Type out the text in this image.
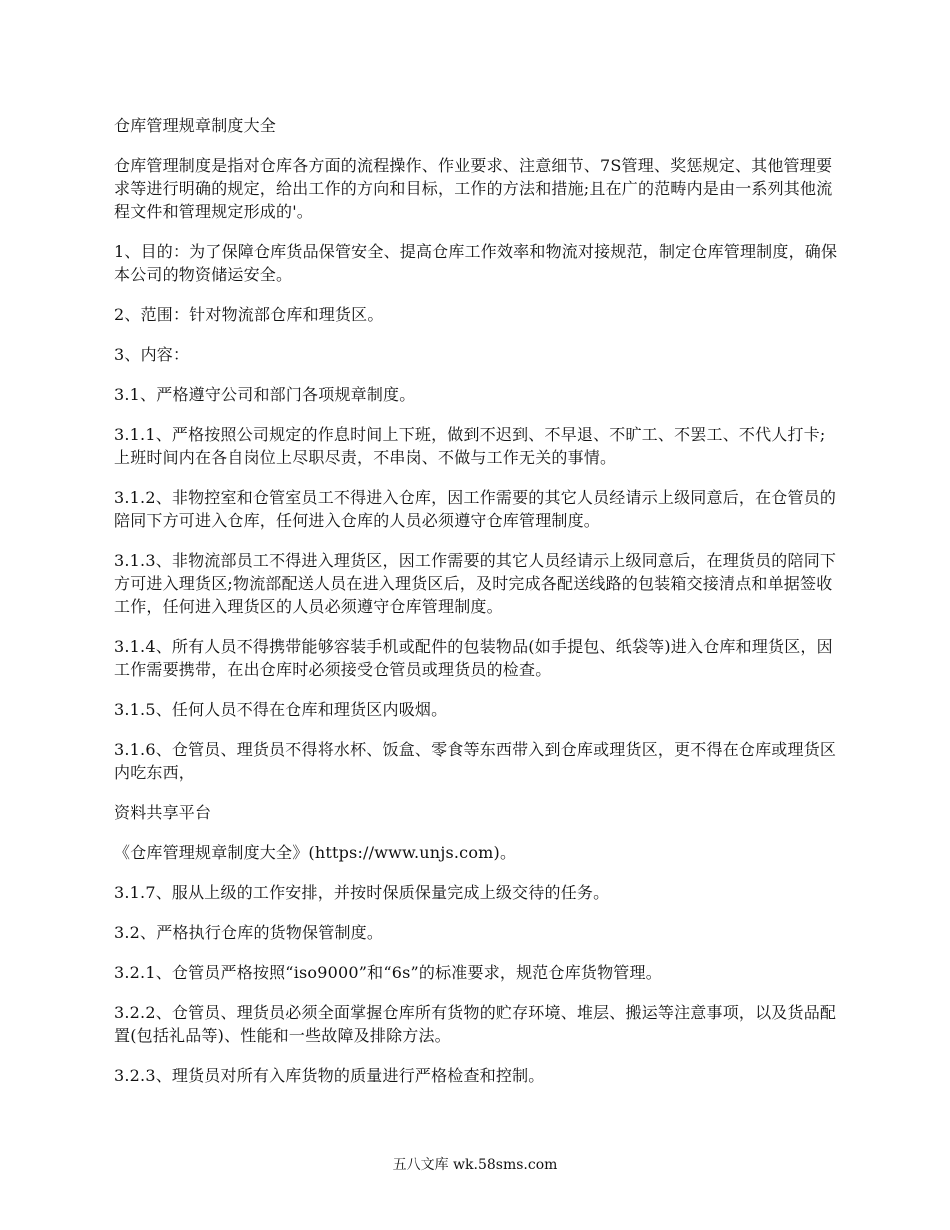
仓库管理规章制度大全

仓库管理制度是指对仓库各方面的流程操作、作业要求、注意细节、7S管理、奖惩规定、其他管理要求等进行明确的规定，给出工作的方向和目标，工作的方法和措施;且在广的范畴内是由一系列其他流程文件和管理规定形成的'。

1、目的：为了保障仓库货品保管安全、提高仓库工作效率和物流对接规范，制定仓库管理制度，确保本公司的物资储运安全。

2、范围：针对物流部仓库和理货区。

3、内容：

3.1、严格遵守公司和部门各项规章制度。

3.1.1、严格按照公司规定的作息时间上下班，做到不迟到、不早退、不旷工、不罢工、不代人打卡;上班时间内在各自岗位上尽职尽责，不串岗、不做与工作无关的事情。

3.1.2、非物控室和仓管室员工不得进入仓库，因工作需要的其它人员经请示上级同意后，在仓管员的陪同下方可进入仓库，任何进入仓库的人员必须遵守仓库管理制度。

3.1.3、非物流部员工不得进入理货区，因工作需要的其它人员经请示上级同意后，在理货员的陪同下方可进入理货区;物流部配送人员在进入理货区后，及时完成各配送线路的包装箱交接清点和单据签收工作，任何进入理货区的人员必须遵守仓库管理制度。

3.1.4、所有人员不得携带能够容装手机或配件的包装物品(如手提包、纸袋等)进入仓库和理货区，因工作需要携带，在出仓库时必须接受仓管员或理货员的检查。

3.1.5、任何人员不得在仓库和理货区内吸烟。

3.1.6、仓管员、理货员不得将水杯、饭盒、零食等东西带入到仓库或理货区，更不得在仓库或理货区内吃东西，

资料共享平台

《仓库管理规章制度大全》(https://www.unjs.com)。

3.1.7、服从上级的工作安排，并按时保质保量完成上级交待的任务。

3.2、严格执行仓库的货物保管制度。

3.2.1、仓管员严格按照“iso9000”和“6s”的标准要求，规范仓库货物管理。

3.2.2、仓管员、理货员必须全面掌握仓库所有货物的贮存环境、堆层、搬运等注意事项，以及货品配置(包括礼品等)、性能和一些故障及排除方法。

3.2.3、理货员对所有入库货物的质量进行严格检查和控制。

五八文库 wk.58sms.com
